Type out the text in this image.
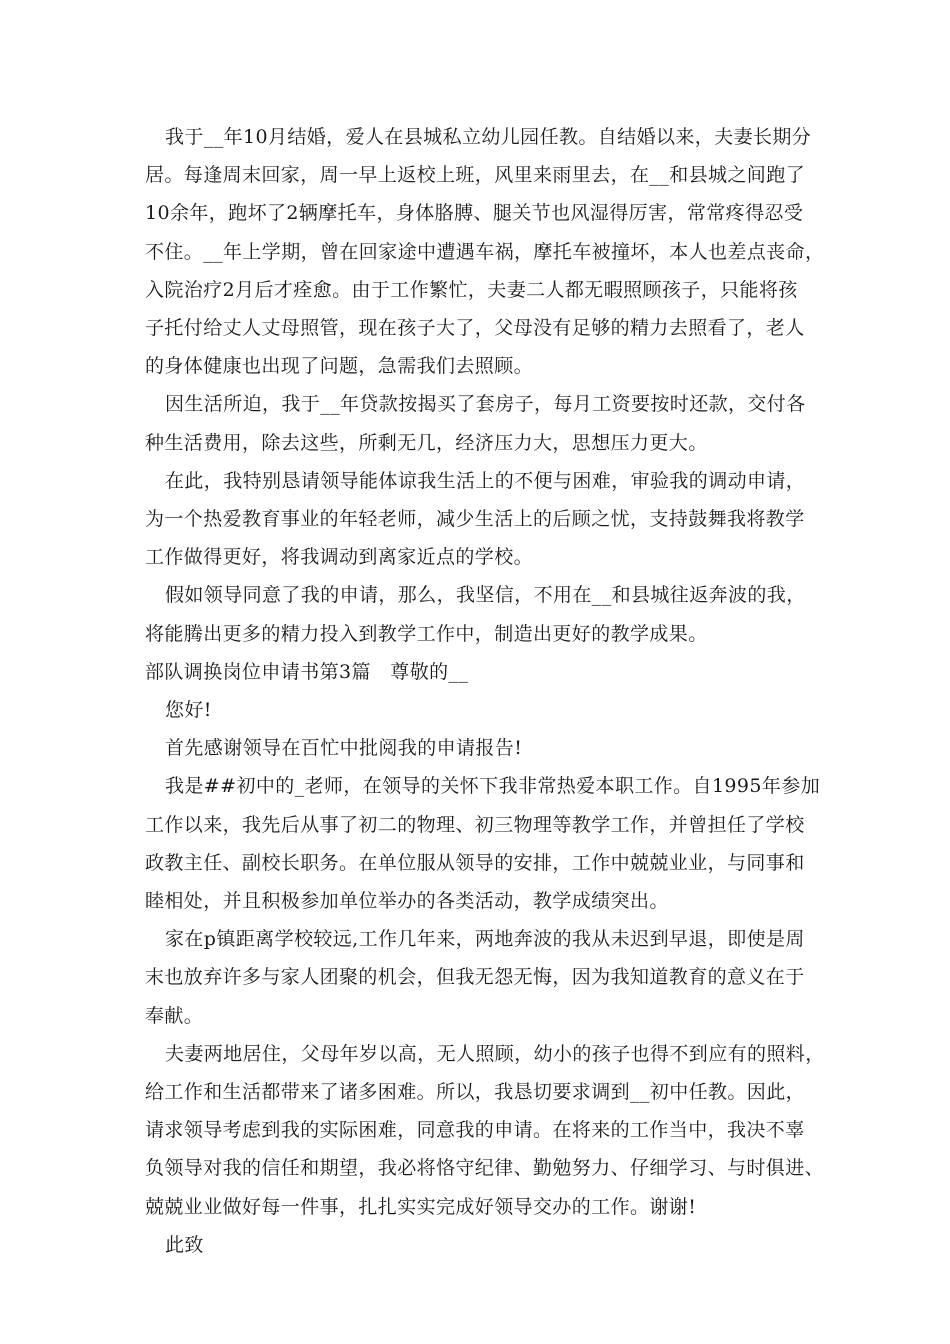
我于__年10月结婚，爱人在县城私立幼儿园任教。自结婚以来，夫妻长期分
居。每逢周末回家，周一早上返校上班，风里来雨里去，在__和县城之间跑了
10余年，跑坏了2辆摩托车，身体胳膊、腿关节也风湿得厉害，常常疼得忍受
不住。__年上学期，曾在回家途中遭遇车祸，摩托车被撞坏，本人也差点丧命，
入院治疗2月后才痊愈。由于工作繁忙，夫妻二人都无暇照顾孩子，只能将孩
子托付给丈人丈母照管，现在孩子大了，父母没有足够的精力去照看了，老人
的身体健康也出现了问题，急需我们去照顾。
因生活所迫，我于__年贷款按揭买了套房子，每月工资要按时还款，交付各
种生活费用，除去这些，所剩无几，经济压力大，思想压力更大。
在此，我特别恳请领导能体谅我生活上的不便与困难，审验我的调动申请，
为一个热爱教育事业的年轻老师，减少生活上的后顾之忧，支持鼓舞我将教学
工作做得更好，将我调动到离家近点的学校。
假如领导同意了我的申请，那么，我坚信，不用在__和县城往返奔波的我，
将能腾出更多的精力投入到教学工作中，制造出更好的教学成果。
部队调换岗位申请书第3篇　尊敬的__
您好!
首先感谢领导在百忙中批阅我的申请报告!
我是##初中的_老师，在领导的关怀下我非常热爱本职工作。自1995年参加
工作以来，我先后从事了初二的物理、初三物理等教学工作，并曾担任了学校
政教主任、副校长职务。在单位服从领导的安排，工作中兢兢业业，与同事和
睦相处，并且积极参加单位举办的各类活动，教学成绩突出。
家在p镇距离学校较远,工作几年来，两地奔波的我从未迟到早退，即使是周
末也放弃许多与家人团聚的机会，但我无怨无悔，因为我知道教育的意义在于
奉献。
夫妻两地居住，父母年岁以高，无人照顾，幼小的孩子也得不到应有的照料，
给工作和生活都带来了诸多困难。所以，我恳切要求调到__初中任教。因此，
请求领导考虑到我的实际困难，同意我的申请。在将来的工作当中，我决不辜
负领导对我的信任和期望，我必将恪守纪律、勤勉努力、仔细学习、与时俱进、
兢兢业业做好每一件事，扎扎实实完成好领导交办的工作。谢谢!
此致
